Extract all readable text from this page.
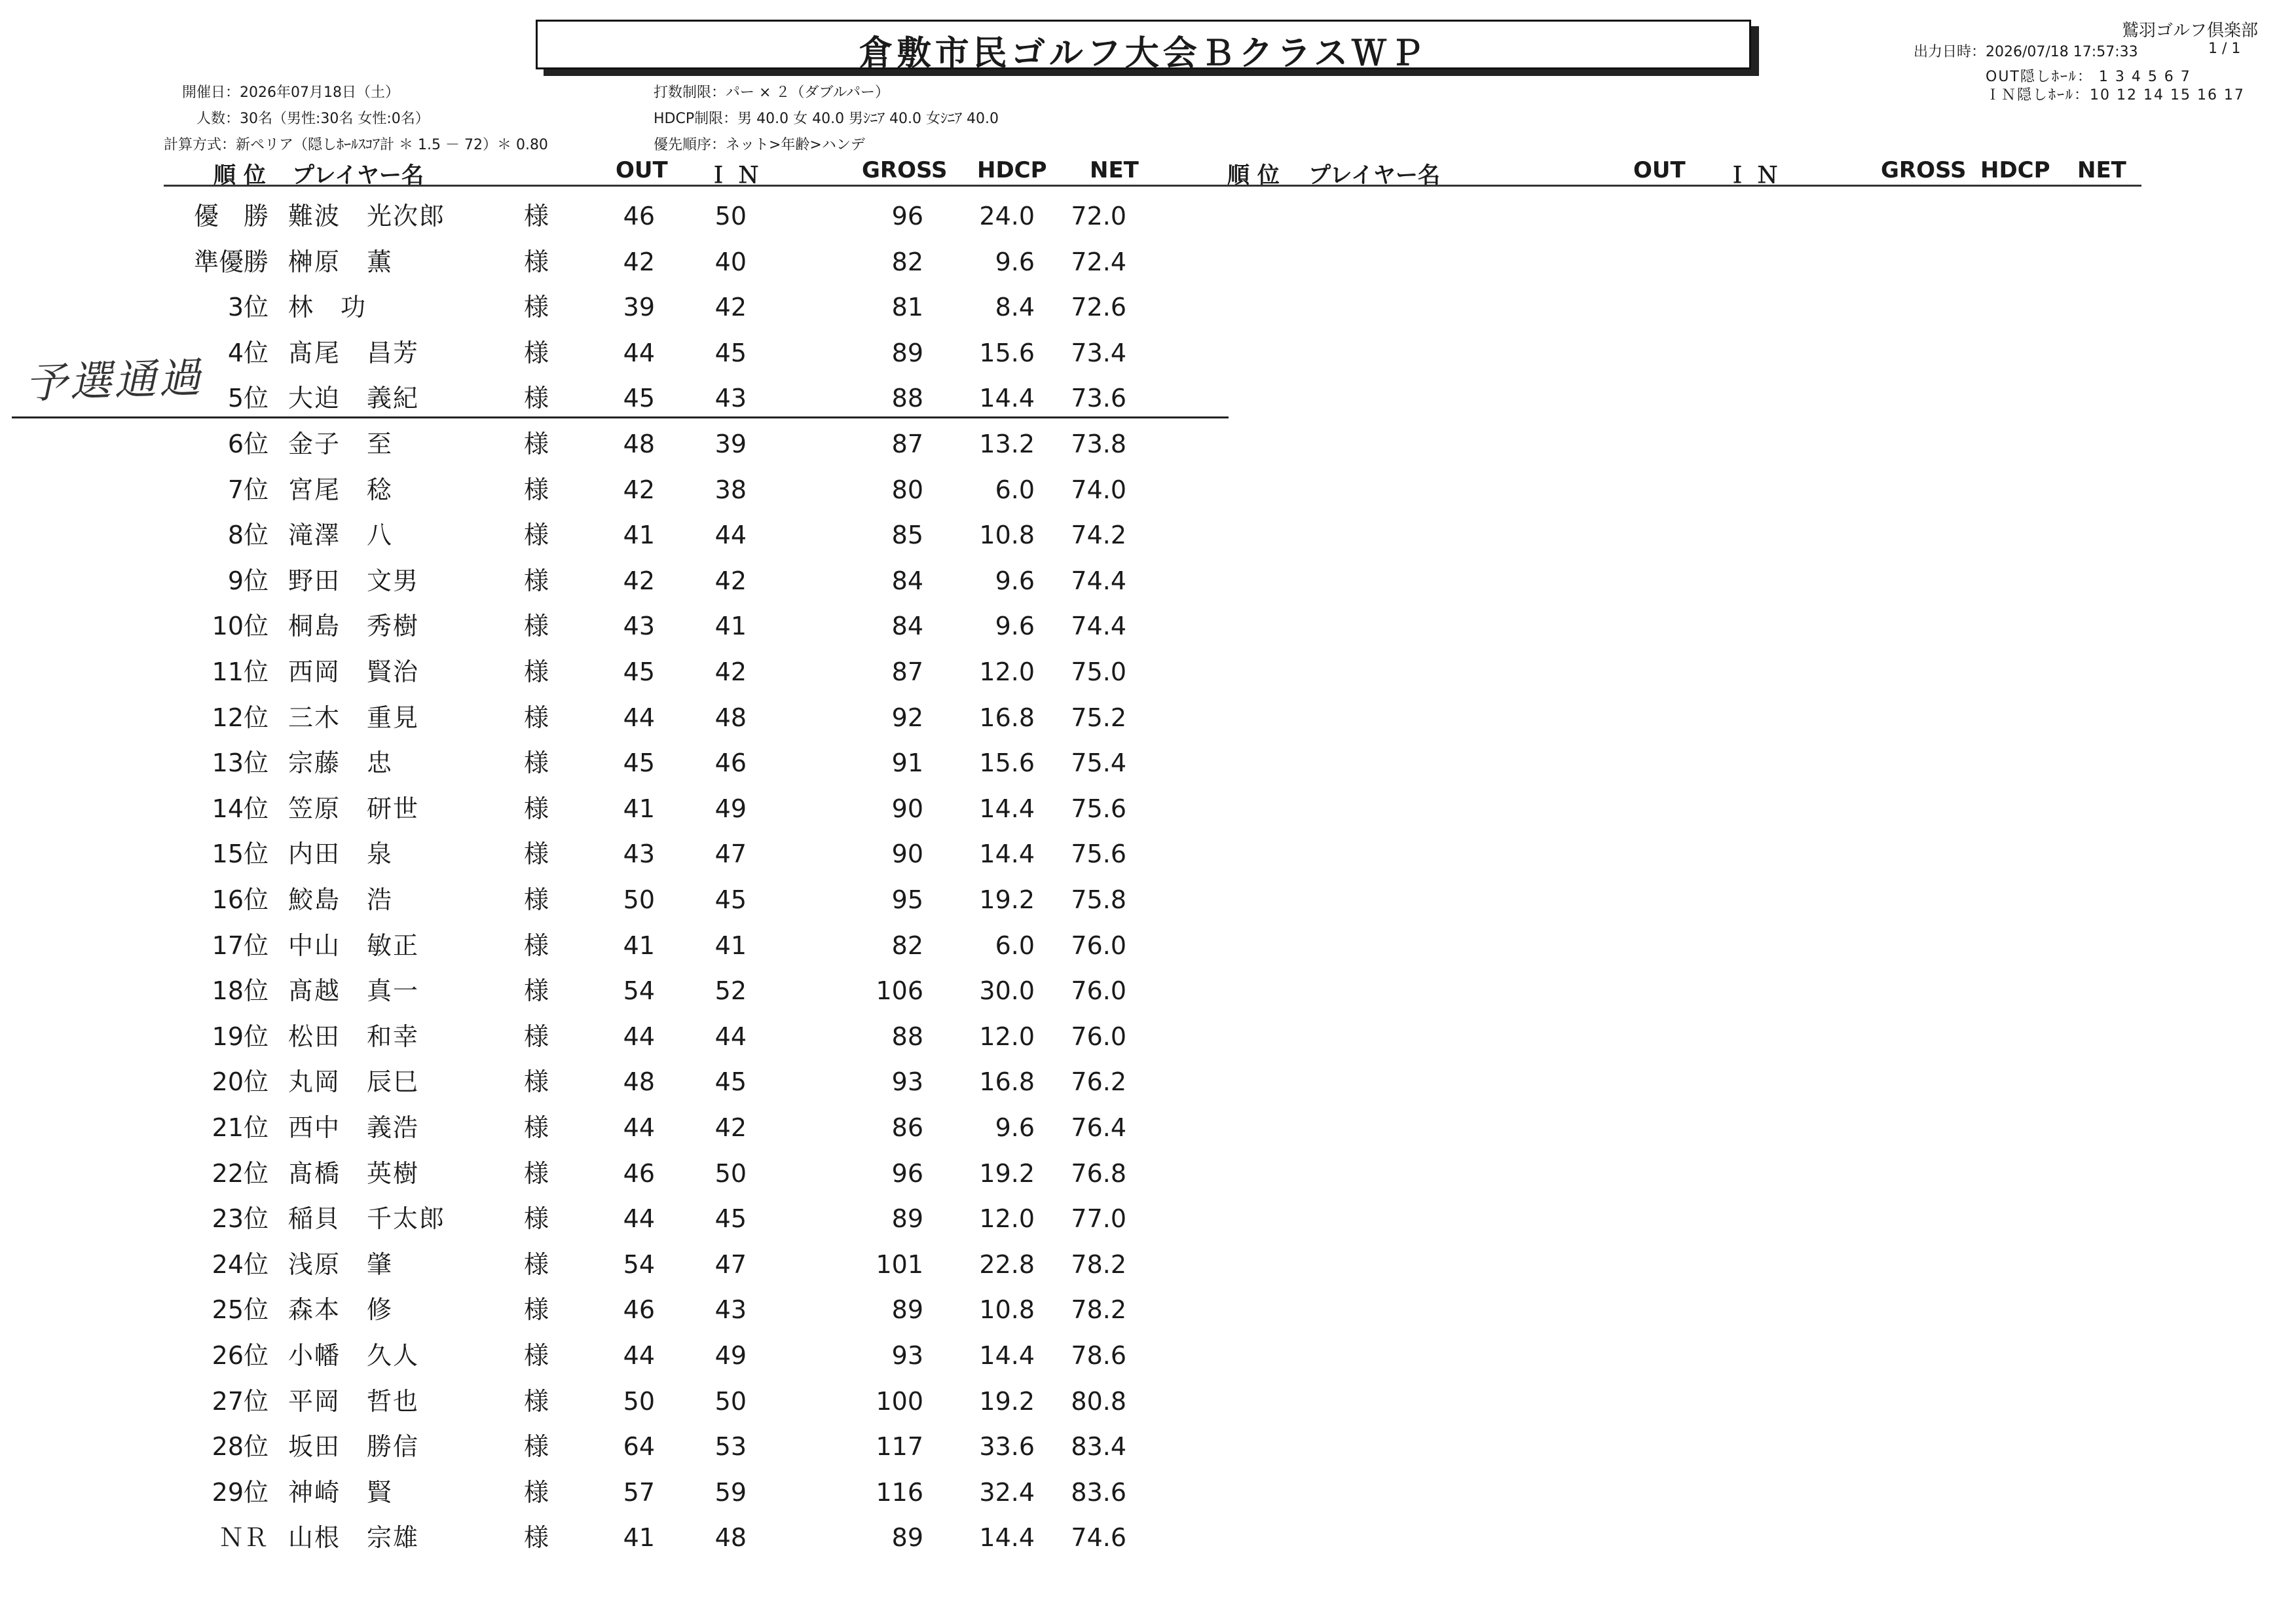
倉敷市民ゴルフ大会ＢクラスＷＰ
鷲羽ゴルフ倶楽部
出力日時：2026/07/18 17:57:33	1 / 1
OUT隠しﾎｰﾙ： 1 3 4 5 6 7
ＩＮ隠しﾎｰﾙ：10 12 14 15 16 17
開催日：2026年07月18日（土）
人数：30名（男性:30名 女性:0名）
計算方式：新ペリア（隠しﾎｰﾙｽｺｱ計 ＊ 1.5 － 72）＊ 0.80
打数制限：パー × ２（ダブルパー）
HDCP制限：男 40.0 女 40.0 男ｼﾆｱ 40.0 女ｼﾆｱ 40.0
優先順序：ネット>年齢>ハンデ
順 位 プレイヤー名	OUT Ｉ Ｎ	GROSS HDCP NET	順 位 プレイヤー名	OUT Ｉ Ｎ	GROSS HDCP NET
優　勝 難波　光次郎	様	46	50	96	24.0	72.0
準優勝 榊原　薫	様	42	40	82	9.6	72.4
3位 林　功	様	39	42	81	8.4	72.6
4位 髙尾　昌芳	様	44	45	89	15.6	73.4
5位 大迫　義紀	様	45	43	88	14.4	73.6
6位 金子　至	様	48	39	87	13.2	73.8
7位 宮尾　稔	様	42	38	80	6.0	74.0
8位 滝澤　八	様	41	44	85	10.8	74.2
9位 野田　文男	様	42	42	84	9.6	74.4
10位 桐島　秀樹	様	43	41	84	9.6	74.4
11位 西岡　賢治	様	45	42	87	12.0	75.0
12位 三木　重見	様	44	48	92	16.8	75.2
13位 宗藤　忠	様	45	46	91	15.6	75.4
14位 笠原　研世	様	41	49	90	14.4	75.6
15位 内田　泉	様	43	47	90	14.4	75.6
16位 鮫島　浩	様	50	45	95	19.2	75.8
17位 中山　敏正	様	41	41	82	6.0	76.0
18位 髙越　真一	様	54	52	106	30.0	76.0
19位 松田　和幸	様	44	44	88	12.0	76.0
20位 丸岡　辰巳	様	48	45	93	16.8	76.2
21位 西中　義浩	様	44	42	86	9.6	76.4
22位 髙橋　英樹	様	46	50	96	19.2	76.8
23位 稲貝　千太郎	様	44	45	89	12.0	77.0
24位 浅原　肇	様	54	47	101	22.8	78.2
25位 森本　修	様	46	43	89	10.8	78.2
26位 小幡　久人	様	44	49	93	14.4	78.6
27位 平岡　哲也	様	50	50	100	19.2	80.8
28位 坂田　勝信	様	64	53	117	33.6	83.4
29位 神崎　賢	様	57	59	116	32.4	83.6
ＮＲ 山根　宗雄	様	41	48	89	14.4	74.6
予選通過
